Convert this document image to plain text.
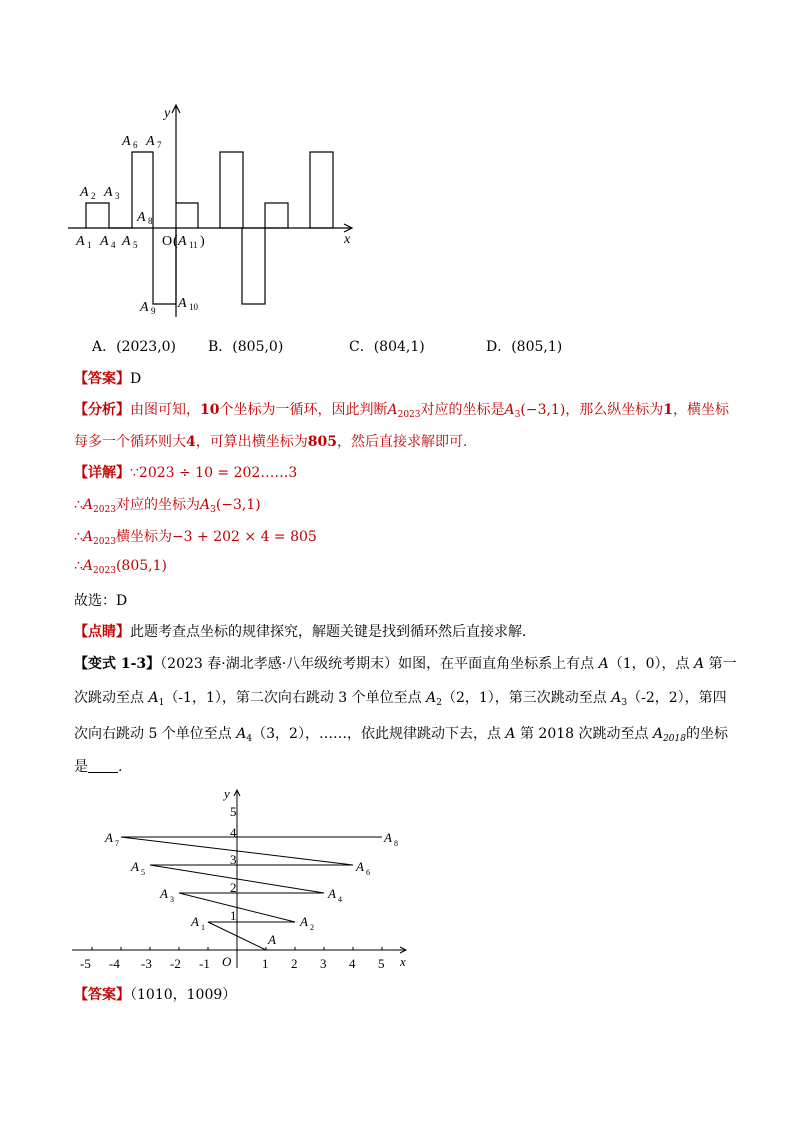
y
x
O
A 1
A 2 A 3
A 4 A 5
A 6 A 7
A 8
A 9 A 10
( A 11 )
A．(2023,0) B．(805,0)	C．(804,1)	D．(805,1)
【答案】D
【分析】由图可知，10个坐标为一循环，因此判断$A_{2023}$对应的坐标是$A_3(-3,1)$，那么纵坐标为1，横坐标
每多一个循环则大4，可算出横坐标为805，然后直接求解即可．
【详解】∵2023 ÷ 10 = 202……3
$\therefore A_{2023}$对应的坐标为$A_3(-3,1)$
$\therefore A_{2023}$横坐标为−3 + 202 × 4 = 805
$\therefore A_{2023}(805,1)$
故选：D
【点睛】此题考查点坐标的规律探究，解题关键是找到循环然后直接求解．
【变式 1-3】（2023 春·湖北孝感·八年级统考期末）如图，在平面直角坐标系上有点 A（1，0），点 A 第一
次跳动至点 $A_1(-1$，1），第二次向右跳动 3 个单位至点 $A_2(2$，1），第三次跳动至点 $A_3(-2$，2），第四
次向右跳动 5 个单位至点 $A_4(3$，2），……，依此规律跳动下去，点 A 第 2018 次跳动至点 $A_{2018}$的坐标
是 .
y
x
O
-5 -4 -3 -2 -1	1 2 3 4 5
1
2
3
4
5
A
A 1	A 2
A 3	A 4
A 5	A 6
A 7	A 8
【答案】（1010，1009）
